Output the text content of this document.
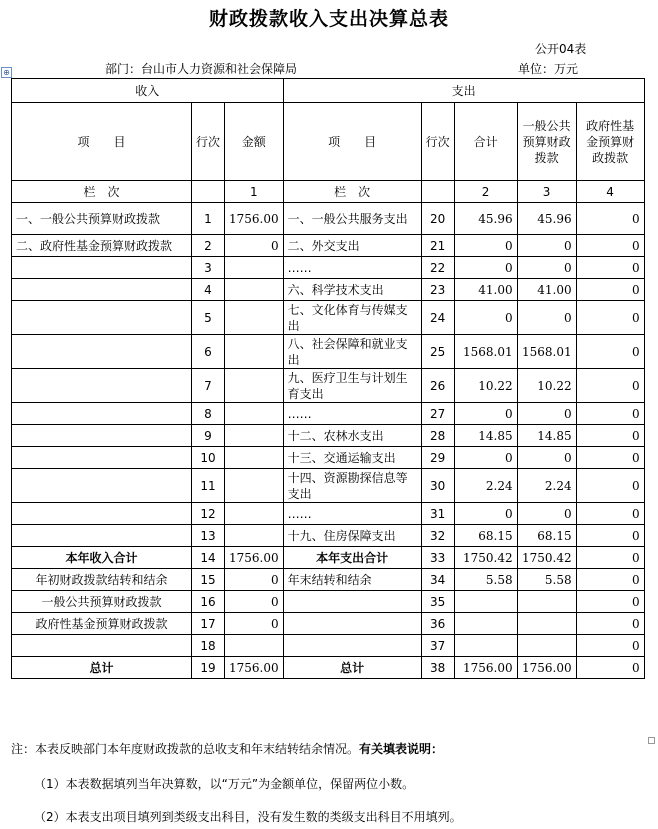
财政拨款收入支出决算总表
公开04表
部门：台山市人力资源和社会保障局	单位：万元
⊕
收入			支出				
项　　目	行次	金额	项　　目	行次	合计	一般公共预算财政拨款	政府性基金预算财政拨款
栏　次		1	栏　次		2	3	4
一、一般公共预算财政拨款	1	1756.00	一、一般公共服务支出	20	45.96	45.96	0
二、政府性基金预算财政拨款	2	0	二、外交支出	21	0	0	0
	3		……	22	0	0	0
	4		六、科学技术支出	23	41.00	41.00	0
	5		七、文化体育与传媒支出	24	0	0	0
	6		八、社会保障和就业支出	25	1568.01	1568.01	0
	7		九、医疗卫生与计划生育支出	26	10.22	10.22	0
	8		……	27	0	0	0
	9		十二、农林水支出	28	14.85	14.85	0
	10		十三、交通运输支出	29	0	0	0
	11		十四、资源勘探信息等支出	30	2.24	2.24	0
	12		……	31	0	0	0
	13		十九、住房保障支出	32	68.15	68.15	0
本年收入合计	14	1756.00	本年支出合计	33	1750.42	1750.42	0
年初财政拨款结转和结余	15	0	年末结转和结余	34	5.58	5.58	0
一般公共预算财政拨款	16	0		35			0
政府性基金预算财政拨款	17	0		36			0
	18			37			0
总计	19	1756.00	总计	38	1756.00	1756.00	0
注：本表反映部门本年度财政拨款的总收支和年末结转结余情况。有关填表说明：
（1）本表数据填列当年决算数，以“万元”为金额单位，保留两位小数。
（2）本表支出项目填列到类级支出科目，没有发生数的类级支出科目不用填列。
